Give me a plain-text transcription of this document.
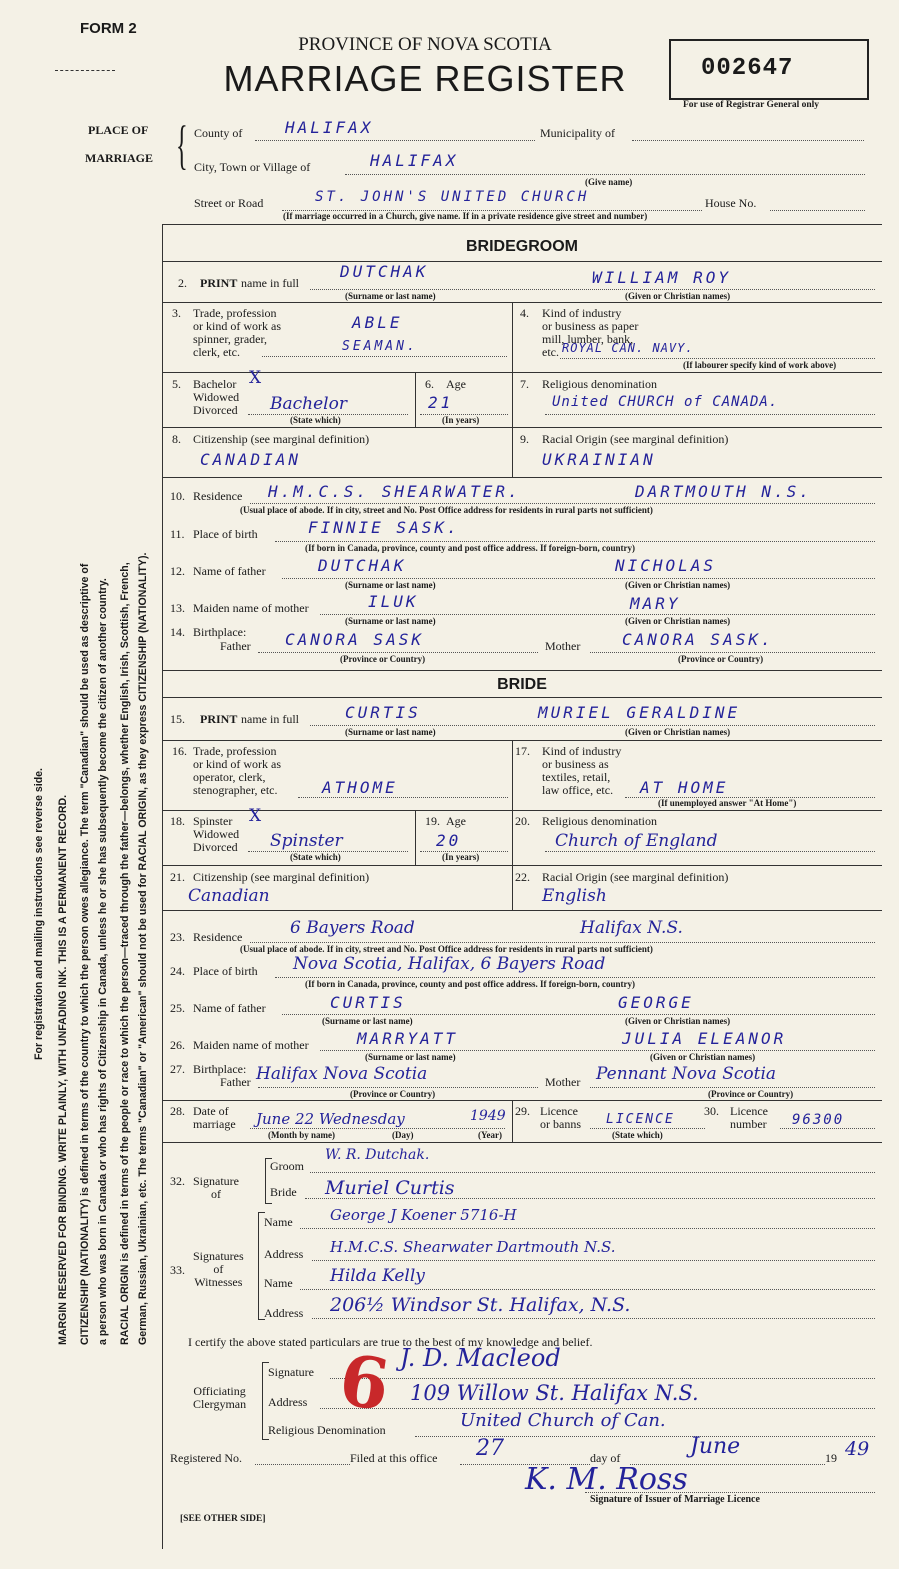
FORM 2
PROVINCE OF NOVA SCOTIA
MARRIAGE REGISTER	002647
For use of Registrar General only
For registration and mailing instructions see reverse side. MARGIN RESERVED FOR BINDING. WRITE PLAINLY, WITH UNFADING INK. THIS IS A PERMANENT RECORD. CITIZENSHIP (NATIONALITY) is defined in terms of the country to which the person owes allegiance. The term "Canadian" should be used as descriptive of a person who was born in Canada or who has rights of Citizenship in Canada, unless he or she has subsequently become the citizen of another country. RACIAL ORIGIN is defined in terms of the people or race to which the person—traced through the father—belongs, whether English, Irish, Scottish, French, German, Russian, Ukrainian, etc. The terms "Canadian" or "American" should not be used for RACIAL ORIGIN, as they express CITIZENSHIP (NATIONALITY).
PLACE OF
MARRIAGE { County of	HALIFAX	Municipality of
City, Town or Village of	HALIFAX
(Give name)
Street or Road	ST. JOHN'S UNITED CHURCH	House No.
(If marriage occurred in a Church, give name. If in a private residence give street and number)
BRIDEGROOM
2. PRINT name in full
DUTCHAK	WILLIAM ROY
(Surname or last name)	(Given or Christian names)
3. Trade, profession
or kind of work as
spinner, grader,
clerk, etc.
ABLE
SEAMAN.
4. Kind of industry
or business as paper
mill, lumber, bank,
etc. ROYAL CAN. NAVY.
(If labourer specify kind of work above)
5. Bachelor
Widowed
Divorced
X
Bachelor
(State which)
6. Age
21
(In years)
7. Religious denomination
United CHURCH of CANADA.
8. Citizenship (see marginal definition)
CANADIAN
9. Racial Origin (see marginal definition)
UKRAINIAN
10. Residence H.M.C.S. SHEARWATER.	DARTMOUTH N.S.
(Usual place of abode. If in city, street and No. Post Office address for residents in rural parts not sufficient)
11. Place of birth	FINNIE SASK.
(If born in Canada, province, county and post office address. If foreign-born, country)
12. Name of father	DUTCHAK	NICHOLAS
(Surname or last name)	(Given or Christian names)
13. Maiden name of mother	ILUK	MARY
(Surname or last name)	(Given or Christian names)
14. Birthplace:
Father CANORA SASK	Mother	CANORA SASK.
(Province or Country)	(Province or Country)
BRIDE
15. PRINT name in full	CURTIS	MURIEL GERALDINE
(Surname or last name)	(Given or Christian names)
16. Trade, profession
or kind of work as
operator, clerk,
stenographer, etc.	ATHOME
17. Kind of industry
or business as
textiles, retail,
law office, etc.	AT HOME
(If unemployed answer "At Home")
18. Spinster
Widowed
Divorced
X
Spinster
(State which)
19. Age
20
(In years)
20. Religious denomination
Church of England
21. Citizenship (see marginal definition)
Canadian
22. Racial Origin (see marginal definition)
English
23. Residence	6 Bayers Road	Halifax N.S.
(Usual place of abode. If in city, street and No. Post Office address for residents in rural parts not sufficient)
24. Place of birth Nova Scotia, Halifax, 6 Bayers Road
(If born in Canada, province, county and post office address. If foreign-born, country)
25. Name of father	CURTIS	GEORGE
(Surname or last name)	(Given or Christian names)
26. Maiden name of mother	MARRYATT	JULIA ELEANOR
(Surname or last name)	(Given or Christian names)
27. Birthplace:
Father Halifax Nova Scotia	Mother Pennant Nova Scotia
(Province or Country)	(Province or Country)
28. Date of
marriage June 22 Wednesday	1949
(Month by name)	(Day)	(Year)
29. Licence
or banns LICENCE
(State which)
30. Licence
number 96300
32. Signature
of
Groom
W. R. Dutchak.
Bride Muriel Curtis
33.
Signatures
of
Witnesses
Name George J Koener 5716-H
Address H.M.C.S. Shearwater Dartmouth N.S.
Name Hilda Kelly
Address 206½ Windsor St. Halifax, N.S.
I certify the above stated particulars are true to the best of my knowledge and belief.
Officiating
Clergyman
Signature	J. D. Macleod
Address	109 Willow St. Halifax N.S.
Religious Denomination	United Church of Can.
6
Registered No.	Filed at this office 27	day of	June	19 49
K. M. Ross
Signature of Issuer of Marriage Licence
[SEE OTHER SIDE]
